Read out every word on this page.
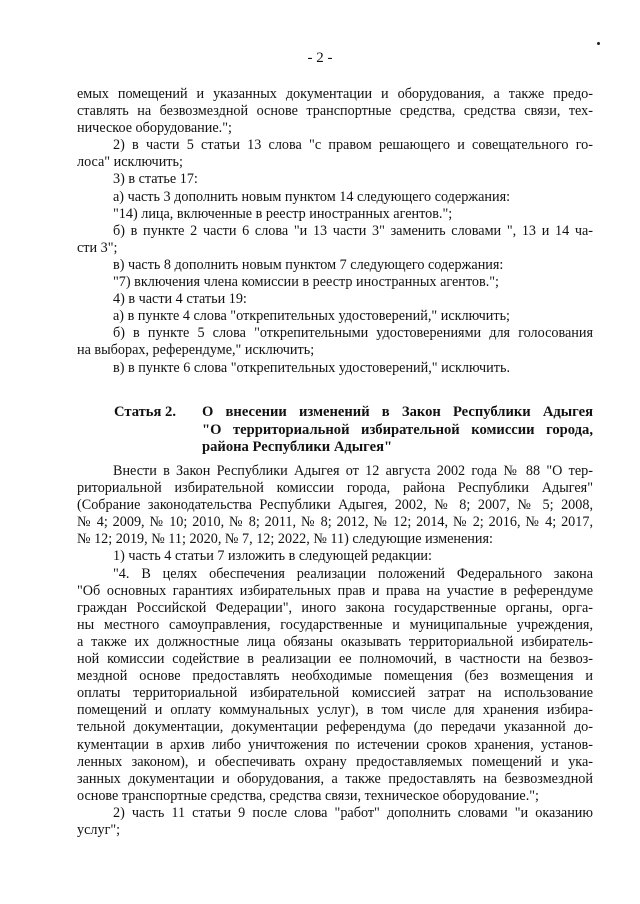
- 2 -
емых помещений и указанных документации и оборудования, а также предо-
ставлять на безвозмездной основе транспортные средства, средства связи, тех-
ническое оборудование.";
2) в части 5 статьи 13 слова "с правом решающего и совещательного го-
лоса" исключить;
3) в статье 17:
а) часть 3 дополнить новым пунктом 14 следующего содержания:
"14) лица, включенные в реестр иностранных агентов.";
б) в пункте 2 части 6 слова "и 13 части 3" заменить словами ", 13 и 14 ча-
сти 3";
в) часть 8 дополнить новым пунктом 7 следующего содержания:
"7) включения члена комиссии в реестр иностранных агентов.";
4) в части 4 статьи 19:
а) в пункте 4 слова "открепительных удостоверений," исключить;
б) в пункте 5 слова "открепительными удостоверениями для голосования
на выборах, референдуме," исключить;
в) в пункте 6 слова "открепительных удостоверений," исключить.
Статья 2. О внесении изменений в Закон Республики Адыгея
"О территориальной избирательной комиссии города,
района Республики Адыгея"
Внести в Закон Республики Адыгея от 12 августа 2002 года № 88 "О тер-
риториальной избирательной комиссии города, района Республики Адыгея"
(Собрание законодательства Республики Адыгея, 2002, № 8; 2007, № 5; 2008,
№ 4; 2009, № 10; 2010, № 8; 2011, № 8; 2012, № 12; 2014, № 2; 2016, № 4; 2017,
№ 12; 2019, № 11; 2020, № 7, 12; 2022, № 11) следующие изменения:
1) часть 4 статьи 7 изложить в следующей редакции:
"4. В целях обеспечения реализации положений Федерального закона
"Об основных гарантиях избирательных прав и права на участие в референдуме
граждан Российской Федерации", иного закона государственные органы, орга-
ны местного самоуправления, государственные и муниципальные учреждения,
а также их должностные лица обязаны оказывать территориальной избиратель-
ной комиссии содействие в реализации ее полномочий, в частности на безвоз-
мездной основе предоставлять необходимые помещения (без возмещения и
оплаты территориальной избирательной комиссией затрат на использование
помещений и оплату коммунальных услуг), в том числе для хранения избира-
тельной документации, документации референдума (до передачи указанной до-
кументации в архив либо уничтожения по истечении сроков хранения, установ-
ленных законом), и обеспечивать охрану предоставляемых помещений и ука-
занных документации и оборудования, а также предоставлять на безвозмездной
основе транспортные средства, средства связи, техническое оборудование.";
2) часть 11 статьи 9 после слова "работ" дополнить словами "и оказанию
услуг";
